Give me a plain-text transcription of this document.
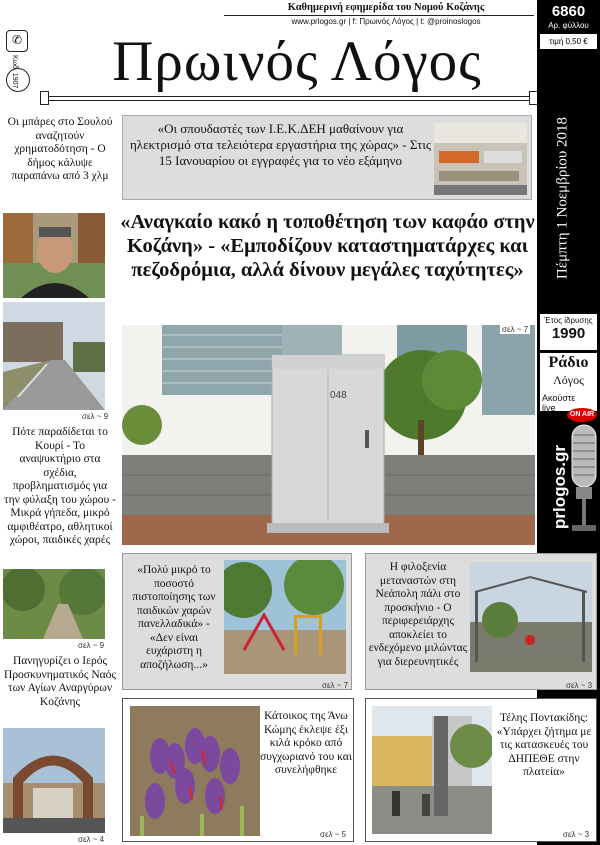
Καθημερινή εφημερίδα του Νομού Κοζάνης
www.prlogos.gr | f: Πρωινός Λόγος | t: @proinoslogos
✆
Κωδ. 1907	Πρωινός Λόγος
6860
Αρ. φύλλου
τιμή 0,50 €
Πέμπτη 1 Νοεμβρίου 2018
Έτος ίδρυσης
1990
Ράδιο
Λόγος
Ακούστε live
ON AIR
prlogos.gr
Οι μπάρες στο Σουλού αναζητούν χρηματοδότηση - Ο δήμος κάλυψε παραπάνω από 3 χλμ
σελ ~ 9
Πότε παραδίδεται το Κουρί - Το αναψυκτήριο στα σχέδια, προβληματισμός για την φύλαξη του χώρου - Μικρά γήπεδα, μικρό αμφιθέατρο, αθλητικοί χώροι, παιδικές χαρές
σελ ~ 9
Πανηγυρίζει ο Ιερός Προσκυνηματικός Ναός των Αγίων Αναργύρων Κοζάνης
σελ ~ 4
«Οι σπουδαστές των Ι.Ε.Κ.ΔΕΗ μαθαίνουν για ηλεκτρισμό στα τελειότερα εργαστήρια της χώρας» - Στις 15 Ιανουαρίου οι εγγραφές για το νέο εξάμηνο
«Αναγκαίο κακό η τοποθέτηση των καφάο στην Κοζάνη» - «Εμποδίζουν καταστηματάρχες και πεζοδρόμια, αλλά δίνουν μεγάλες ταχύτητες»
σελ ~ 7
048
«Πολύ μικρό το ποσοστό πιστοποίησης των παιδικών χαρών πανελλαδικά» - «Δεν είναι ευχάριστη η αποζήλωση...»
σελ ~ 7
Η φιλοξενία μεταναστών στη Νεάπολη πάλι στο προσκήνιο - Ο περιφερειάρχης αποκλείει το ενδεχόμενο μιλώντας για διερευνητικές
σελ ~ 3
Κάτοικος της Άνω Κώμης έκλεψε έξι κιλά κρόκο από συγχωριανό του και συνελήφθηκε
σελ ~ 5
Τέλης Ποντακίδης: «Υπάρχει ζήτημα με τις κατασκευές του ΔΗΠΕΘΕ στην πλατεία»
σελ ~ 3
